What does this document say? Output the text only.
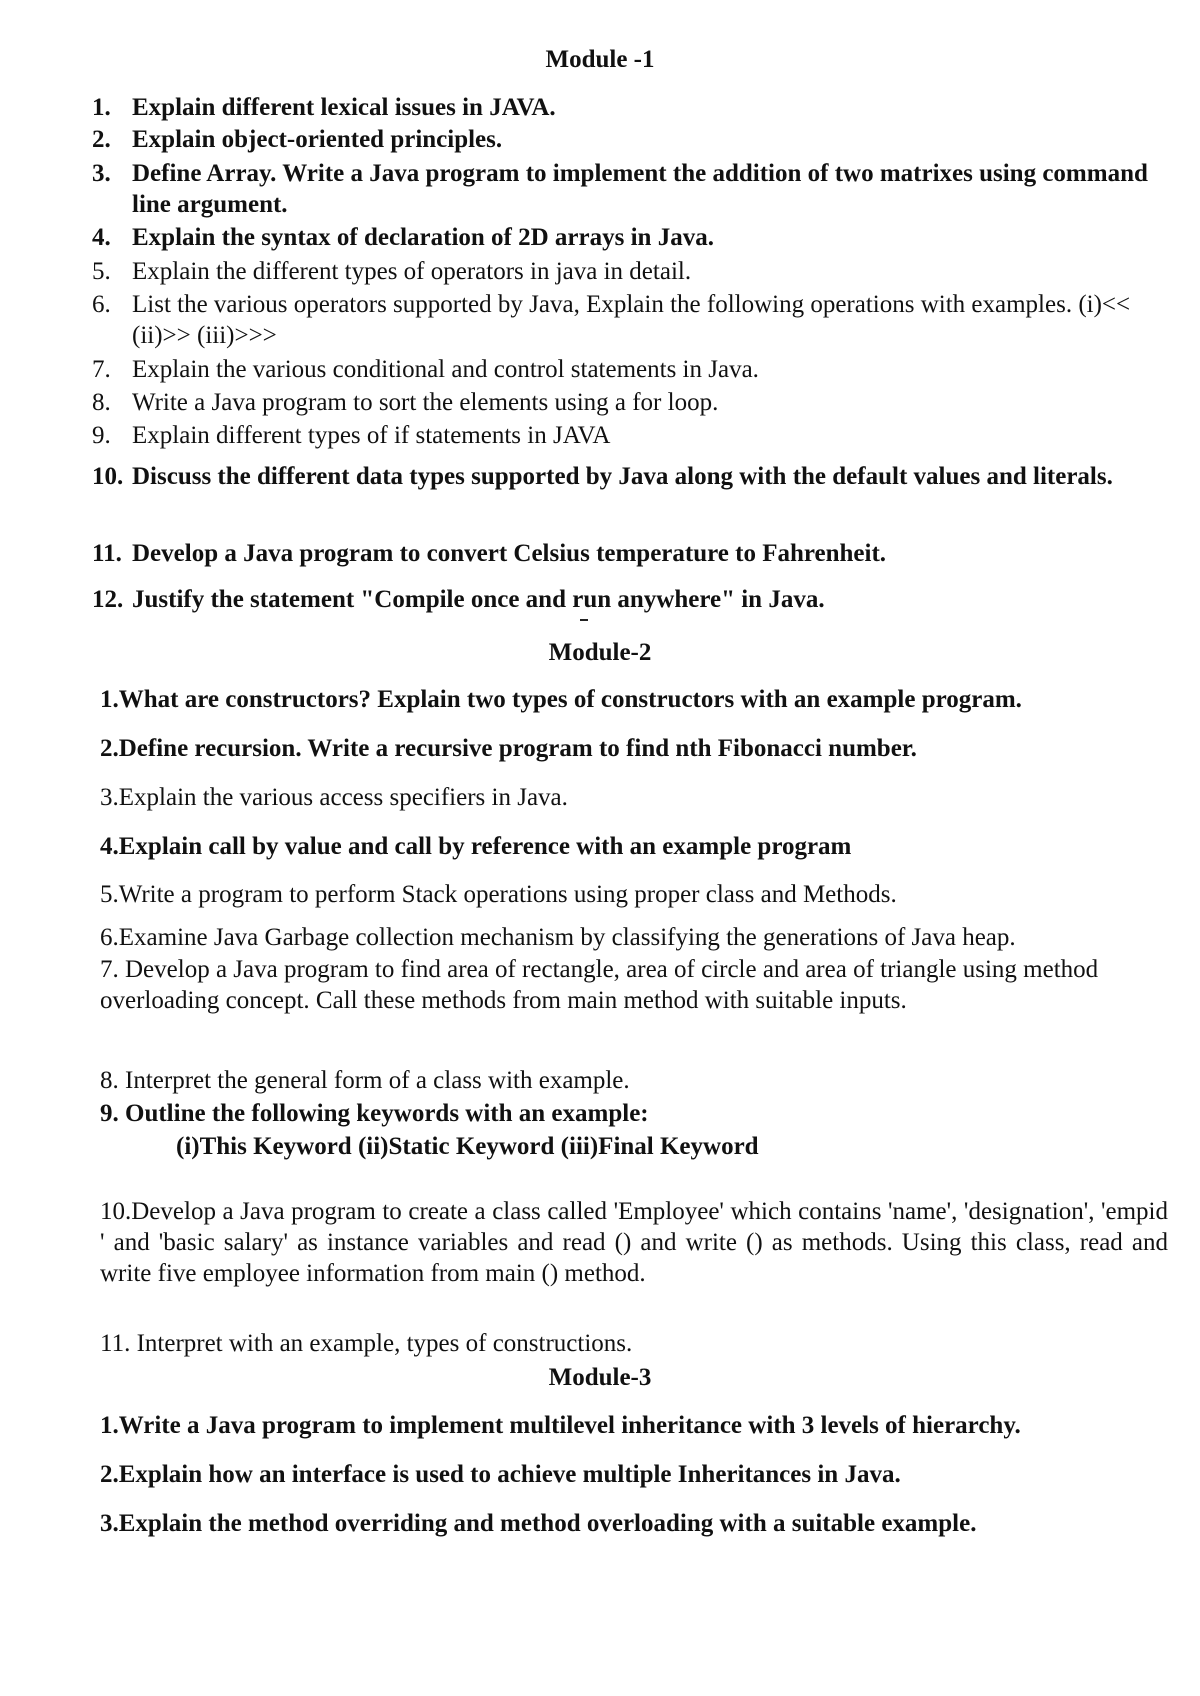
Module -1

1. Explain different lexical issues in JAVA.

2. Explain object-oriented principles.

3. Define Array. Write a Java program to implement the addition of two matrixes using command line argument.

4. Explain the syntax of declaration of 2D arrays in Java.

5. Explain the different types of operators in java in detail.

6. List the various operators supported by Java, Explain the following operations with examples. (i)<< (ii)>> (iii)>>>

7. Explain the various conditional and control statements in Java.

8. Write a Java program to sort the elements using a for loop.

9. Explain different types of if statements in JAVA

10. Discuss the different data types supported by Java along with the default values and literals.

11. Develop a Java program to convert Celsius temperature to Fahrenheit.

12. Justify the statement "Compile once and run anywhere" in Java.

Module-2

1.What are constructors? Explain two types of constructors with an example program.

2.Define recursion. Write a recursive program to find nth Fibonacci number.

3.Explain the various access specifiers in Java.

4.Explain call by value and call by reference with an example program

5.Write a program to perform Stack operations using proper class and Methods.

6.Examine Java Garbage collection mechanism by classifying the generations of Java heap.

7. Develop a Java program to find area of rectangle, area of circle and area of triangle using method overloading concept. Call these methods from main method with suitable inputs.

8. Interpret the general form of a class with example.

9. Outline the following keywords with an example:

(i)This Keyword (ii)Static Keyword (iii)Final Keyword

10.Develop a Java program to create a class called 'Employee' which contains 'name', 'designation', 'empid ' and 'basic salary' as instance variables and read () and write () as methods. Using this class, read and write five employee information from main () method.

11. Interpret with an example, types of constructions.

Module-3

1.Write a Java program to implement multilevel inheritance with 3 levels of hierarchy.

2.Explain how an interface is used to achieve multiple Inheritances in Java.

3.Explain the method overriding and method overloading with a suitable example.
